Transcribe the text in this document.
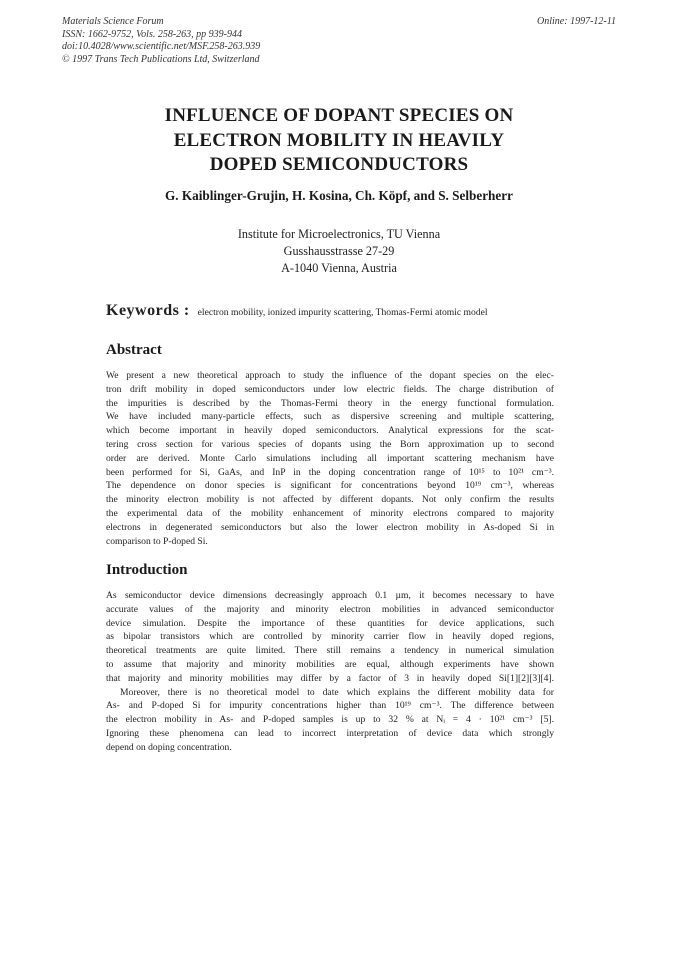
Materials Science Forum
ISSN: 1662-9752, Vols. 258-263, pp 939-944
doi:10.4028/www.scientific.net/MSF.258-263.939
© 1997 Trans Tech Publications Ltd, Switzerland
Online: 1997-12-11
INFLUENCE OF DOPANT SPECIES ON
ELECTRON MOBILITY IN HEAVILY
DOPED SEMICONDUCTORS
G. Kaiblinger-Grujin, H. Kosina, Ch. Köpf, and S. Selberherr
Institute for Microelectronics, TU Vienna
Gusshausstrasse 27-29
A-1040 Vienna, Austria
Keywords : electron mobility, ionized impurity scattering, Thomas-Fermi atomic model
Abstract
We present a new theoretical approach to study the influence of the dopant species on the elec-
tron drift mobility in doped semiconductors under low electric fields. The charge distribution of
the impurities is described by the Thomas-Fermi theory in the energy functional formulation.
We have included many-particle effects, such as dispersive screening and multiple scattering,
which become important in heavily doped semiconductors. Analytical expressions for the scat-
tering cross section for various species of dopants using the Born approximation up to second
order are derived. Monte Carlo simulations including all important scattering mechanism have
been performed for Si, GaAs, and InP in the doping concentration range of 10¹⁵ to 10²¹ cm⁻³.
The dependence on donor species is significant for concentrations beyond 10¹⁹ cm⁻³, whereas
the minority electron mobility is not affected by different dopants. Not only confirm the results
the experimental data of the mobility enhancement of minority electrons compared to majority
electrons in degenerated semiconductors but also the lower electron mobility in As-doped Si in
comparison to P-doped Si.
Introduction
As semiconductor device dimensions decreasingly approach 0.1 µm, it becomes necessary to have
accurate values of the majority and minority electron mobilities in advanced semiconductor
device simulation. Despite the importance of these quantities for device applications, such
as bipolar transistors which are controlled by minority carrier flow in heavily doped regions,
theoretical treatments are quite limited. There still remains a tendency in numerical simulation
to assume that majority and minority mobilities are equal, although experiments have shown
that majority and minority mobilities may differ by a factor of 3 in heavily doped Si[1][2][3][4].
Moreover, there is no theoretical model to date which explains the different mobility data for
As- and P-doped Si for impurity concentrations higher than 10¹⁹ cm⁻³. The difference between
the electron mobility in As- and P-doped samples is up to 32 % at Nᵢ = 4 · 10²¹ cm⁻³ [5].
Ignoring these phenomena can lead to incorrect interpretation of device data which strongly
depend on doping concentration.
